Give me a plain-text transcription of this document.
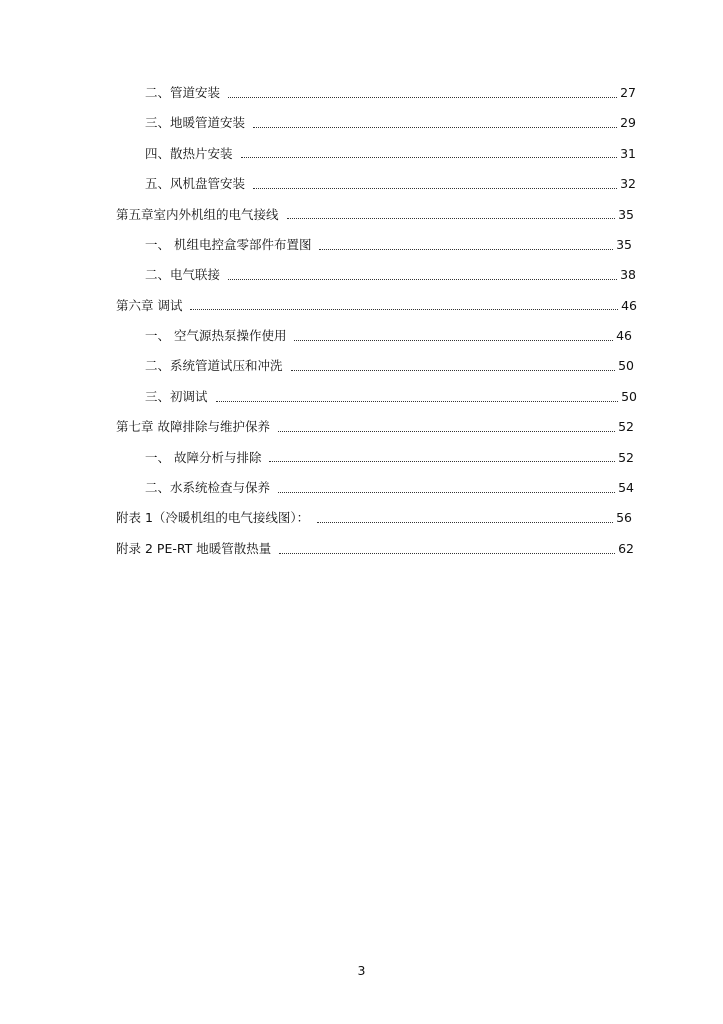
二、管道安装	27
三、地暖管道安装	29
四、散热片安装	31
五、风机盘管安装	32
第五章室内外机组的电气接线	35
一、 机组电控盒零部件布置图	35
二、电气联接	38
第六章 调试	46
一、 空气源热泵操作使用	46
二、系统管道试压和冲洗	50
三、初调试	50
第七章 故障排除与维护保养	52
一、 故障分析与排除	52
二、水系统检查与保养	54
附表 1（冷暖机组的电气接线图）：	56
附录 2 PE-RT 地暖管散热量	62
3
